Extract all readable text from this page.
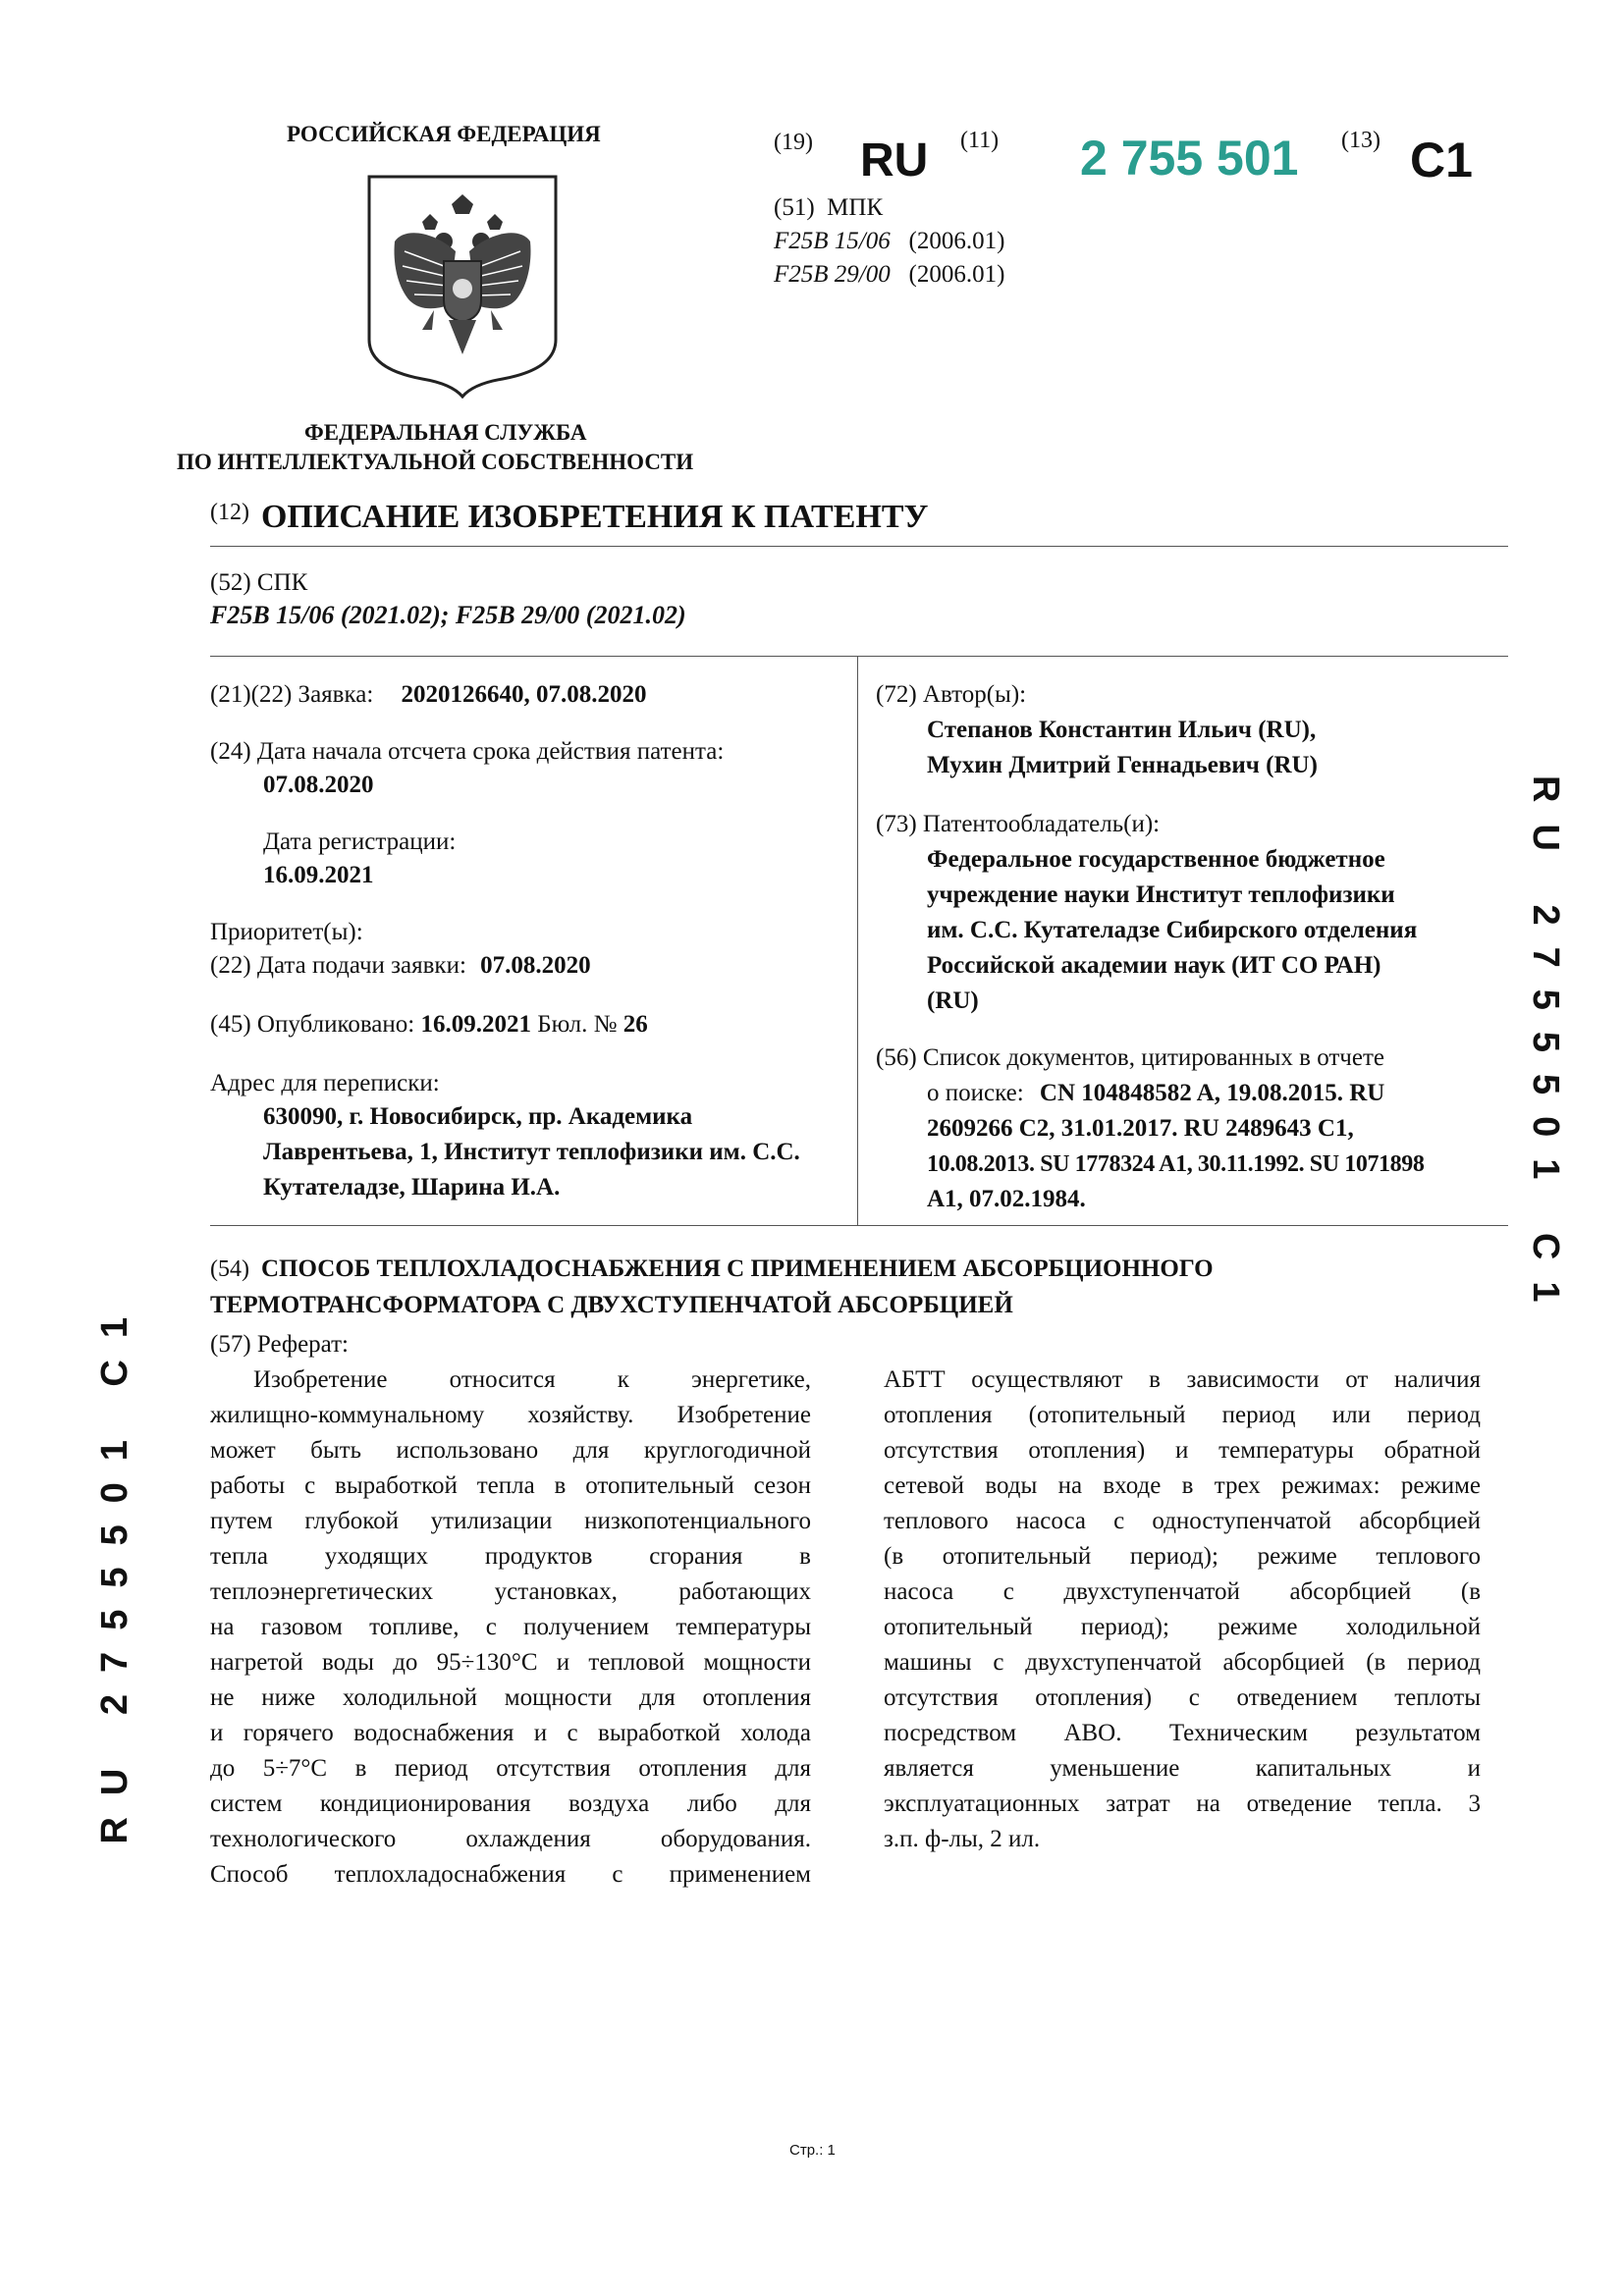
РОССИЙСКАЯ ФЕДЕРАЦИЯ
ФЕДЕРАЛЬНАЯ СЛУЖБА
ПО ИНТЕЛЛЕКТУАЛЬНОЙ СОБСТВЕННОСТИ
(19) RU (11) 2 755 501 (13) C1
(51) МПК
F25B 15/06 (2006.01)
F25B 29/00 (2006.01)
(12) ОПИСАНИЕ ИЗОБРЕТЕНИЯ К ПАТЕНТУ
(52) СПК
F25B 15/06 (2021.02); F25B 29/00 (2021.02)
(21)(22) Заявка: 2020126640, 07.08.2020
(24) Дата начала отсчета срока действия патента:
07.08.2020
Дата регистрации:
16.09.2021
Приоритет(ы):
(22) Дата подачи заявки: 07.08.2020
(45) Опубликовано: 16.09.2021 Бюл. № 26
Адрес для переписки:
630090, г. Новосибирск, пр. Академика
Лаврентьева, 1, Институт теплофизики им. С.С.
Кутателадзе, Шарина И.А.
(72) Автор(ы):
Степанов Константин Ильич (RU),
Мухин Дмитрий Геннадьевич (RU)
(73) Патентообладатель(и):
Федеральное государственное бюджетное
учреждение науки Институт теплофизики
им. С.С. Кутателадзе Сибирского отделения
Российской академии наук (ИТ СО РАН)
(RU)
(56) Список документов, цитированных в отчете
о поиске: CN 104848582 A, 19.08.2015. RU
2609266 C2, 31.01.2017. RU 2489643 C1,
10.08.2013. SU 1778324 A1, 30.11.1992. SU 1071898
A1, 07.02.1984.
(54) СПОСОБ ТЕПЛОХЛАДОСНАБЖЕНИЯ С ПРИМЕНЕНИЕМ АБСОРБЦИОННОГО
ТЕРМОТРАНСФОРМАТОРА С ДВУХСТУПЕНЧАТОЙ АБСОРБЦИЕЙ
(57) Реферат:
Изобретение относится к энергетике,
жилищно-коммунальному хозяйству. Изобретение
может быть использовано для круглогодичной
работы с выработкой тепла в отопительный сезон
путем глубокой утилизации низкопотенциального
тепла уходящих продуктов сгорания в
теплоэнергетических установках, работающих
на газовом топливе, с получением температуры
нагретой воды до 95÷130°C и тепловой мощности
не ниже холодильной мощности для отопления
и горячего водоснабжения и с выработкой холода
до 5÷7°C в период отсутствия отопления для
систем кондиционирования воздуха либо для
технологического охлаждения оборудования.
Способ теплохладоснабжения с применением
АБТТ осуществляют в зависимости от наличия
отопления (отопительный период или период
отсутствия отопления) и температуры обратной
сетевой воды на входе в трех режимах: режиме
теплового насоса с одноступенчатой абсорбцией
(в отопительный период); режиме теплового
насоса с двухступенчатой абсорбцией (в
отопительный период); режиме холодильной
машины с двухступенчатой абсорбцией (в период
отсутствия отопления) с отведением теплоты
посредством АВО. Техническим результатом
является уменьшение капитальных и
эксплуатационных затрат на отведение тепла. 3
з.п. ф-лы, 2 ил.
RU 2755501 C1
RU 2755501 C1
Стр.: 1
